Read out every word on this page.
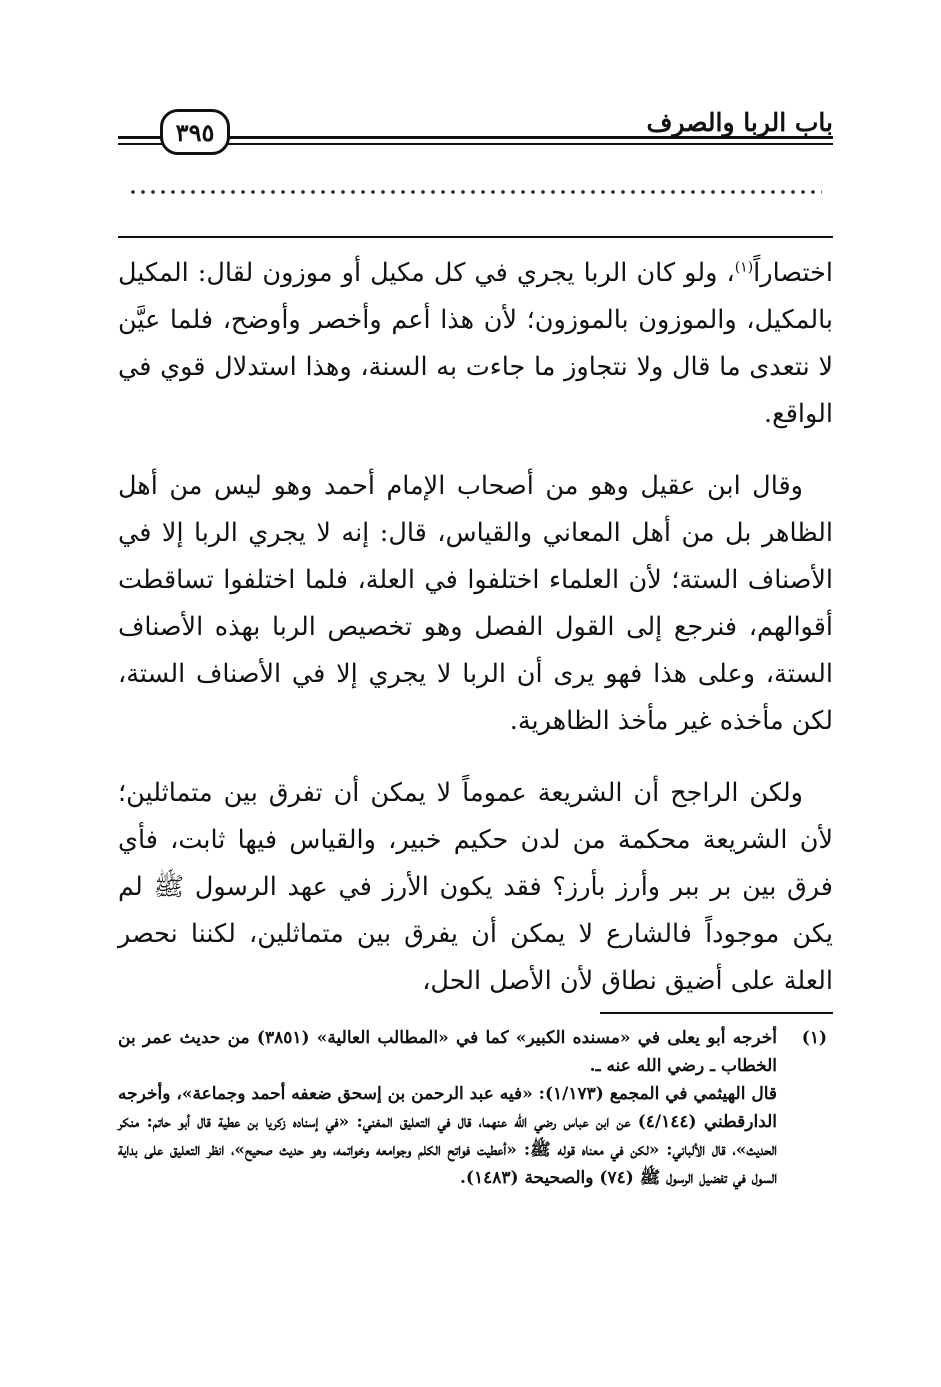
باب الربا والصرف
٣٩٥

اختصاراً$^{(١)}$، ولو كان الربا يجري في كل مكيل أو موزون لقال: المكيل بالمكيل، والموزون بالموزون؛ لأن هذا أعم وأخصر وأوضح، فلما عيَّن لا نتعدى ما قال ولا نتجاوز ما جاءت به السنة، وهذا استدلال قوي في الواقع.

وقال ابن عقيل وهو من أصحاب الإمام أحمد وهو ليس من أهل الظاهر بل من أهل المعاني والقياس، قال: إنه لا يجري الربا إلا في الأصناف الستة؛ لأن العلماء اختلفوا في العلة، فلما اختلفوا تساقطت أقوالهم، فنرجع إلى القول الفصل وهو تخصيص الربا بهذه الأصناف الستة، وعلى هذا فهو يرى أن الربا لا يجري إلا في الأصناف الستة، لكن مأخذه غير مأخذ الظاهرية.

ولكن الراجح أن الشريعة عموماً لا يمكن أن تفرق بين متماثلين؛ لأن الشريعة محكمة من لدن حكيم خبير، والقياس فيها ثابت، فأي فرق بين بر ببر وأرز بأرز؟ فقد يكون الأرز في عهد الرسول ﷺ لم يكن موجوداً فالشارع لا يمكن أن يفرق بين متماثلين، لكننا نحصر العلة على أضيق نطاق لأن الأصل الحل،

(١)

أخرجه أبو يعلى في «مسنده الكبير» كما في «المطالب العالية» (٣٨٥١) من حديث عمر بن الخطاب ـ رضي الله عنه ـ.

قال الهيثمي في المجمع (١/١٧٣): «فيه عبد الرحمن بن إسحق ضعفه أحمد وجماعة»، وأخرجه الدارقطني (٤/١٤٤) عن ابن عباس رضي الله عنهما، قال في التعليق المغني: «في إسناده زكريا بن عطية قال أبو حاتم: منكر الحديث»، قال الألباني: «لكن في معناه قوله ﷺ: «أعطيت فواتح الكلم وجوامعه وخواتمه، وهو حديث صحيح»، انظر التعليق على بداية السول في تفضيل الرسول ﷺ (٧٤) والصحيحة (١٤٨٣).
